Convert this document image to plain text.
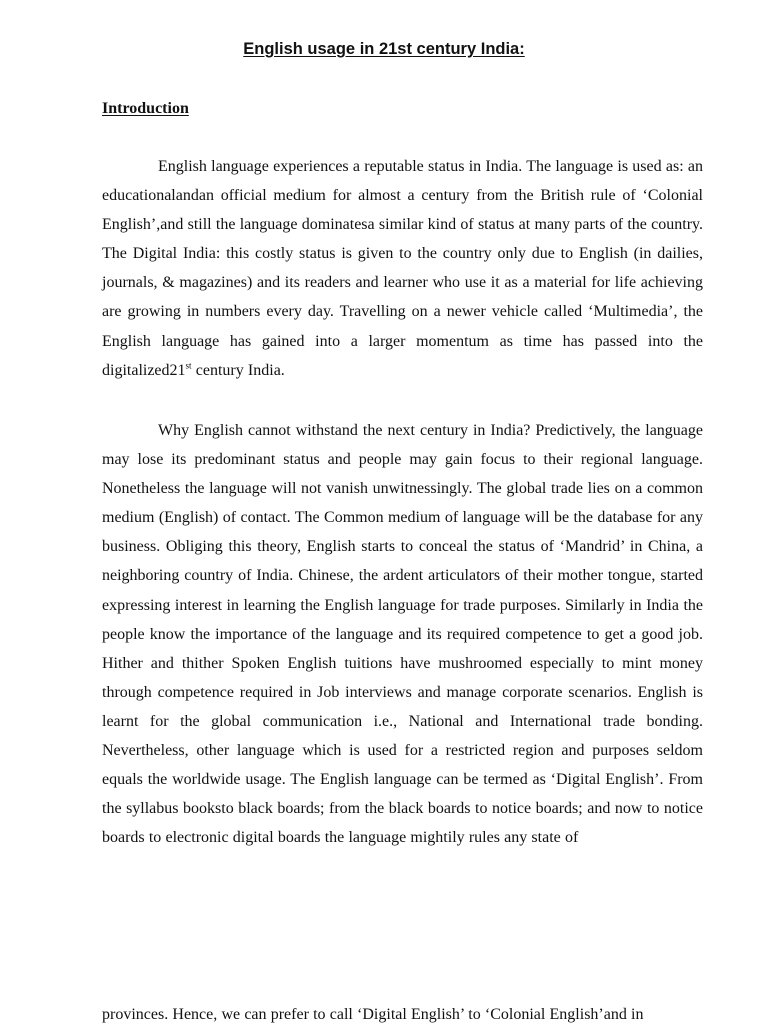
English usage in 21st century India:
Introduction

English language experiences a reputable status in India. The language is used as: an educationalandan official medium for almost a century from the British rule of ‘Colonial English’,and still the language dominatesa similar kind of status at many parts of the country. The Digital India: this costly status is given to the country only due to English (in dailies, journals, & magazines) and its readers and learner who use it as a material for life achieving are growing in numbers every day. Travelling on a newer vehicle called ‘Multimedia’, the English language has gained into a larger momentum as time has passed into the digitalized21st century India.

Why English cannot withstand the next century in India? Predictively, the language may lose its predominant status and people may gain focus to their regional language. Nonetheless the language will not vanish unwitnessingly. The global trade lies on a common medium (English) of contact. The Common medium of language will be the database for any business. Obliging this theory, English starts to conceal the status of ‘Mandrid’ in China, a neighboring country of India. Chinese, the ardent articulators of their mother tongue, started expressing interest in learning the English language for trade purposes. Similarly in India the people know the importance of the language and its required competence to get a good job. Hither and thither Spoken English tuitions have mushroomed especially to mint money through competence required in Job interviews and manage corporate scenarios. English is learnt for the global communication i.e., National and International trade bonding. Nevertheless, other language which is used for a restricted region and purposes seldom equals the worldwide usage. The English language can be termed as ‘Digital English’. From the syllabus booksto black boards; from the black boards to notice boards; and now to notice boards to electronic digital boards the language mightily rules any state of

provinces. Hence, we can prefer to call ‘Digital English’ to ‘Colonial English’and in
